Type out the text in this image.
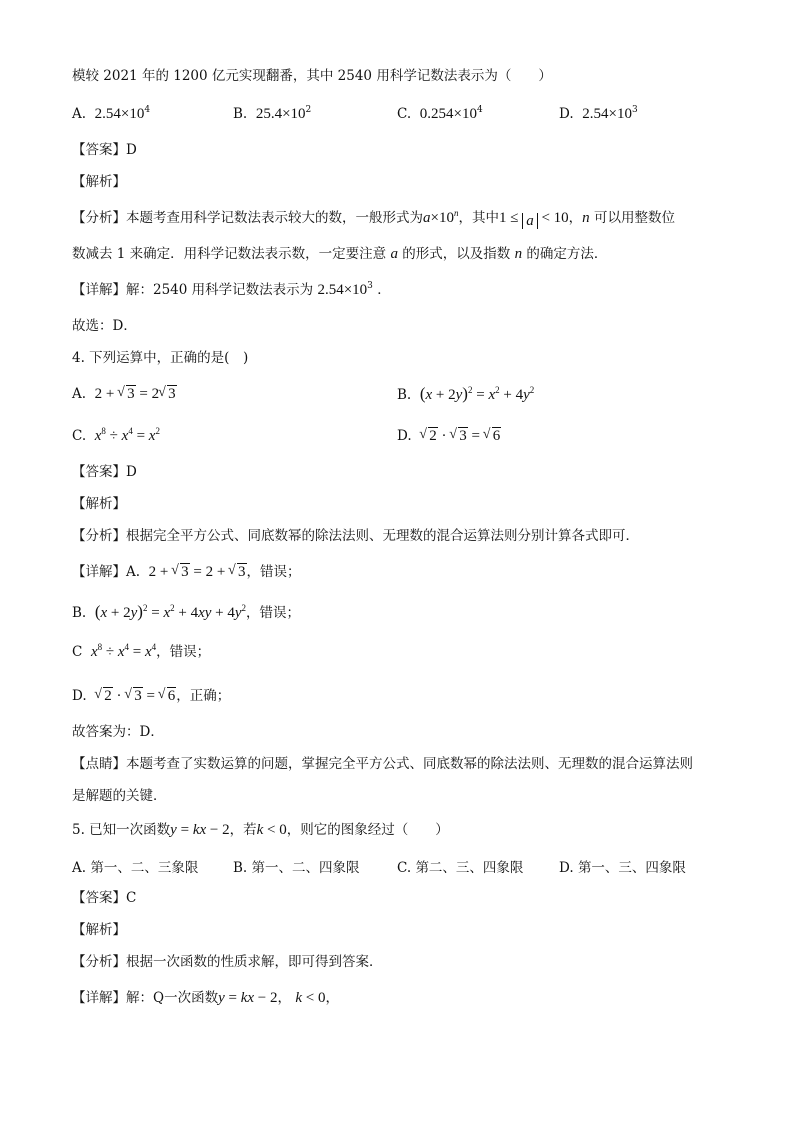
模较 2021 年的 1200 亿元实现翻番，其中 2540 用科学记数法表示为（　　）
A. $2.54\times 10^4$	B. $25.4\times 10^2$	C. $0.254\times 10^4$	D. $2.54\times 10^3$
【答案】D
【解析】
【分析】本题考查用科学记数法表示较大的数，一般形式为$a\times 10^n$，其中1 ≤ a < 10，n 可以用整数位
数减去 1 来确定．用科学记数法表示数，一定要注意 a 的形式，以及指数 n 的确定方法．
【详解】解：2540 用科学记数法表示为 $2.54\times 10^3$ ．
故选：D．
4. 下列运算中，正确的是(　)
A. 2 + √ 3 = 2 √ 3	B. $(x + 2y)^2 = x^2 + 4y^2$
C. $x^8 \div x^4 = x^2$	D. √ 2 · √ 3 = √ 6
【答案】D
【解析】
【分析】根据完全平方公式、同底数幂的除法法则、无理数的混合运算法则分别计算各式即可．
【详解】A. 2 + √ 3 = 2 + √ 3，错误；
B. $(x + 2y)^2 = x^2 + 4xy + 4y^2$，错误；
C $x^8 \div x^4 = x^4$，错误；
D. √ 2 · √ 3 = √ 6，正确；
故答案为：D．
【点睛】本题考查了实数运算的问题，掌握完全平方公式、同底数幂的除法法则、无理数的混合运算法则
是解题的关键．
5. 已知一次函数y = kx − 2，若k < 0，则它的图象经过（　　）
A. 第一、二、三象限	B. 第一、二、四象限	C. 第二、三、四象限	D. 第一、三、四象限
【答案】C
【解析】
【分析】根据一次函数的性质求解，即可得到答案．
【详解】解：Q一次函数y = kx − 2， k < 0，
